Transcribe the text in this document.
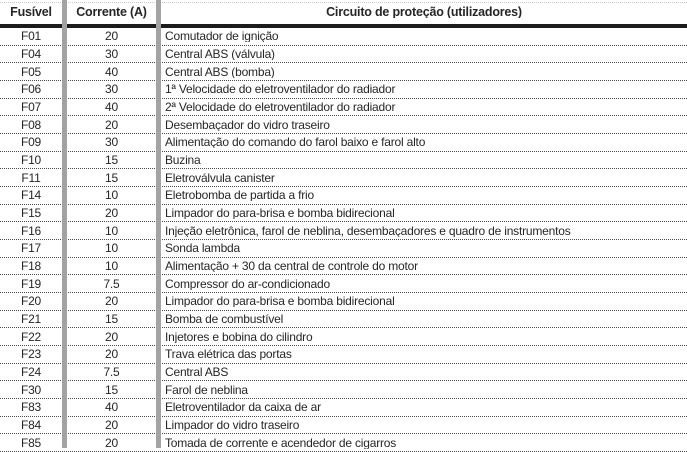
Fusível	Corrente (A)	Circuito de proteção (utilizadores)
F01	20	Comutador de ignição
F04	30	Central ABS (válvula)
F05	40	Central ABS (bomba)
F06	30	1ª Velocidade do eletroventilador do radiador
F07	40	2ª Velocidade do eletroventilador do radiador
F08	20	Desembaçador do vidro traseiro
F09	30	Alimentação do comando do farol baixo e farol alto
F10	15	Buzina
F11	15	Eletroválvula canister
F14	10	Eletrobomba de partida a frio
F15	20	Limpador do para-brisa e bomba bidirecional
F16	10	Injeção eletrônica, farol de neblina, desembaçadores e quadro de instrumentos
F17	10	Sonda lambda
F18	10	Alimentação + 30 da central de controle do motor
F19	7.5	Compressor do ar-condicionado
F20	20	Limpador do para-brisa e bomba bidirecional
F21	15	Bomba de combustível
F22	20	Injetores e bobina do cilindro
F23	20	Trava elétrica das portas
F24	7.5	Central ABS
F30	15	Farol de neblina
F83	40	Eletroventilador da caixa de ar
F84	20	Limpador do vidro traseiro
F85	20	Tomada de corrente e acendedor de cigarros
